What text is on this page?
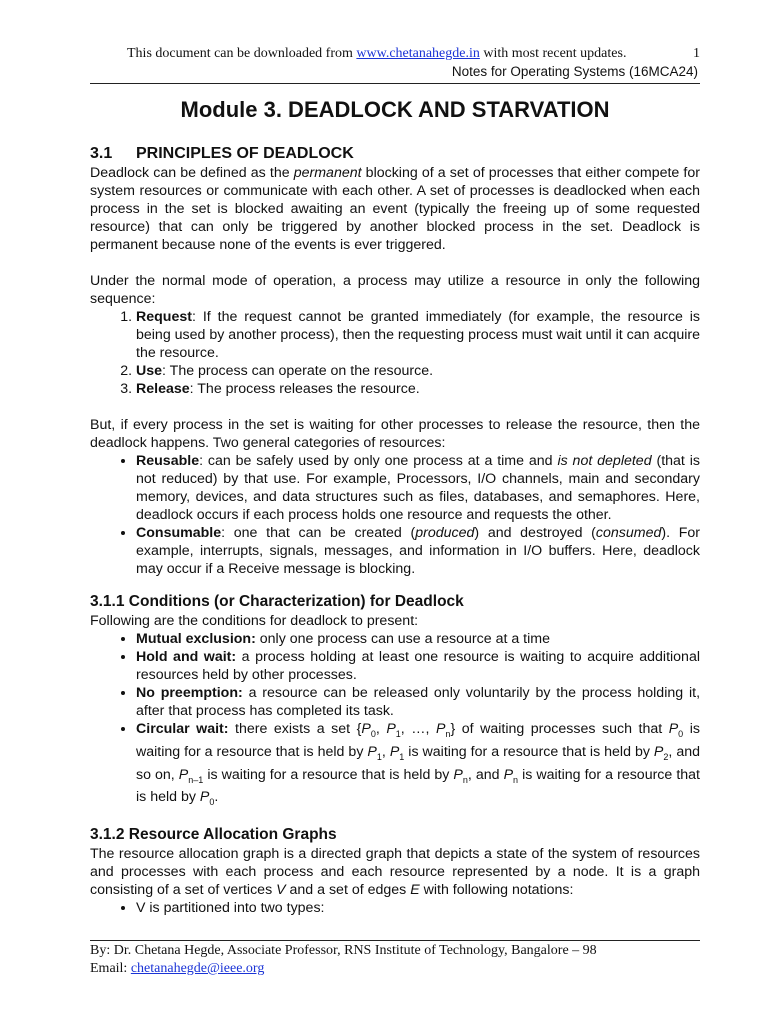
This document can be downloaded from www.chetanahegde.in with most recent updates.	1
Notes for Operating Systems (16MCA24)
Module 3. DEADLOCK AND STARVATION
3.1 PRINCIPLES OF DEADLOCK

Deadlock can be defined as the permanent blocking of a set of processes that either compete for system resources or communicate with each other. A set of processes is deadlocked when each process in the set is blocked awaiting an event (typically the freeing up of some requested resource) that can only be triggered by another blocked process in the set. Deadlock is permanent because none of the events is ever triggered.

Under the normal mode of operation, a process may utilize a resource in only the following sequence:

1. Request: If the request cannot be granted immediately (for example, the resource is being used by another process), then the requesting process must wait until it can acquire the resource.
2. Use: The process can operate on the resource.
3. Release: The process releases the resource.

But, if every process in the set is waiting for other processes to release the resource, then the deadlock happens. Two general categories of resources:

• Reusable: can be safely used by only one process at a time and is not depleted (that is not reduced) by that use. For example, Processors, I/O channels, main and secondary memory, devices, and data structures such as files, databases, and semaphores. Here, deadlock occurs if each process holds one resource and requests the other.
• Consumable: one that can be created (produced) and destroyed (consumed). For example, interrupts, signals, messages, and information in I/O buffers. Here, deadlock may occur if a Receive message is blocking.
3.1.1 Conditions (or Characterization) for Deadlock

Following are the conditions for deadlock to present:

• Mutual exclusion: only one process can use a resource at a time
• Hold and wait: a process holding at least one resource is waiting to acquire additional resources held by other processes.
• No preemption: a resource can be released only voluntarily by the process holding it, after that process has completed its task.
• Circular wait: there exists a set {$P_0$, $P_1$, …, $P_n$} of waiting processes such that $P_0$ is waiting for a resource that is held by $P_1$, $P_1$ is waiting for a resource that is held by $P_2$, and so on, $P_{n-1}$ is waiting for a resource that is held by $P_n$, and $P_n$ is waiting for a resource that is held by $P_0$.
3.1.2 Resource Allocation Graphs

The resource allocation graph is a directed graph that depicts a state of the system of resources and processes with each process and each resource represented by a node. It is a graph consisting of a set of vertices V and a set of edges E with following notations:

• V is partitioned into two types:
By: Dr. Chetana Hegde, Associate Professor, RNS Institute of Technology, Bangalore – 98
Email: chetanahegde@ieee.org
